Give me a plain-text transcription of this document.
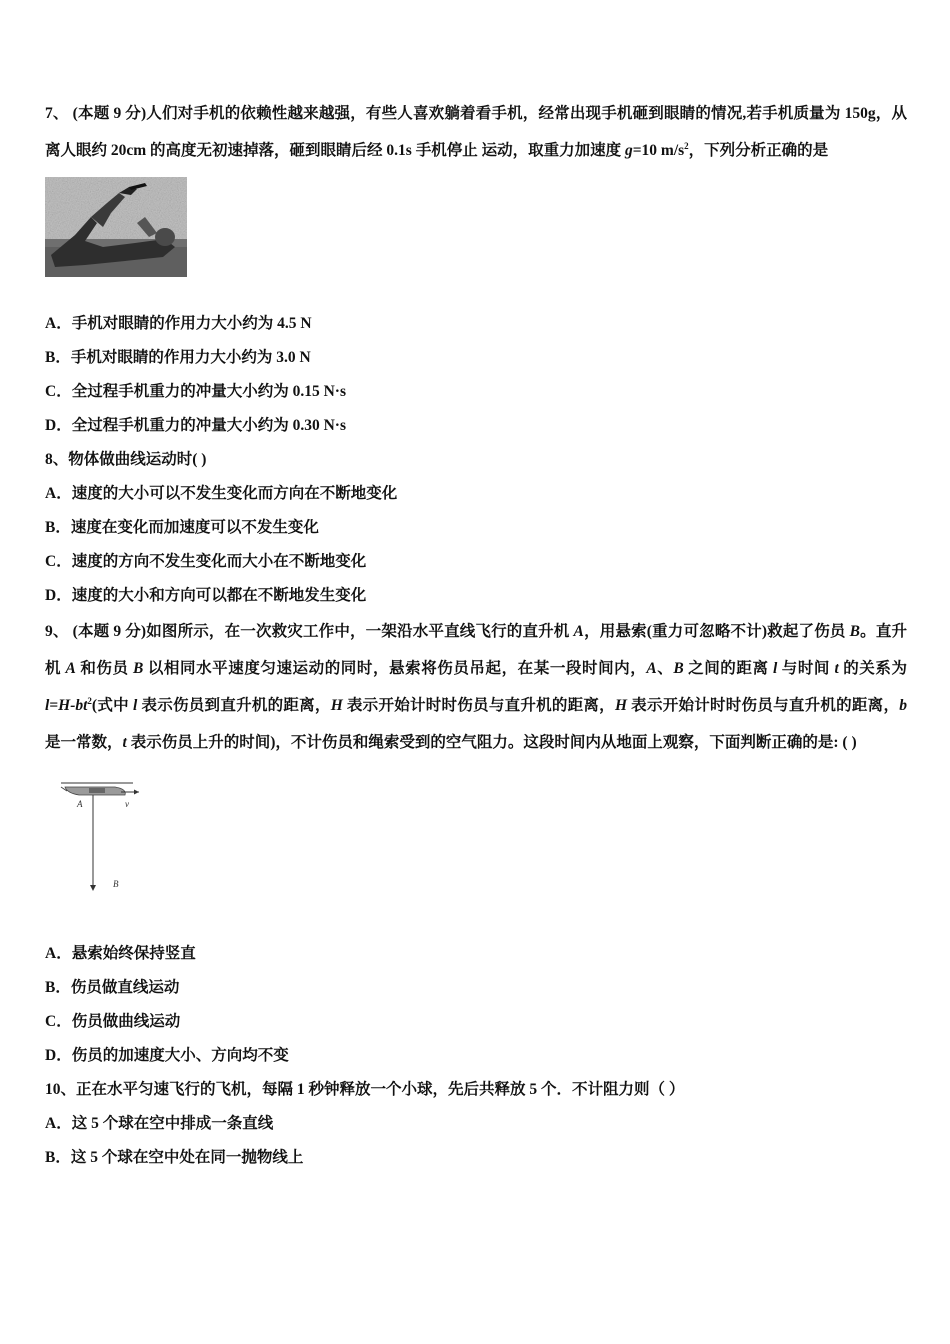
7、 (本题 9 分)人们对手机的依赖性越来越强，有些人喜欢躺着看手机，经常出现手机砸到眼睛的情况,若手机质量为 150g，从离人眼约 20cm 的高度无初速掉落，砸到眼睛后经 0.1s 手机停止 运动，取重力加速度 g=10 $m/s^2$，下列分析正确的是

A．手机对眼睛的作用力大小约为 4.5 N

B．手机对眼睛的作用力大小约为 3.0 N

C．全过程手机重力的冲量大小约为 0.15 N·s

D．全过程手机重力的冲量大小约为 0.30 N·s

8、物体做曲线运动时( )

A．速度的大小可以不发生变化而方向在不断地变化

B．速度在变化而加速度可以不发生变化

C．速度的方向不发生变化而大小在不断地变化

D．速度的大小和方向可以都在不断地发生变化

9、 (本题 9 分)如图所示，在一次救灾工作中，一架沿水平直线飞行的直升机 A，用悬索(重力可忽略不计)救起了伤员 B。直升机 A 和伤员 B 以相同水平速度匀速运动的同时，悬索将伤员吊起，在某一段时间内，A、B 之间的距离 l 与时间 t 的关系为 $l=H-bt^2$(式中 l 表示伤员到直升机的距离，H 表示开始计时时伤员与直升机的距离，H 表示开始计时时伤员与直升机的距离，b 是一常数，t 表示伤员上升的时间)，不计伤员和绳索受到的空气阻力。这段时间内从地面上观察，下面判断正确的是: ( )

A	v
B

A．悬索始终保持竖直

B．伤员做直线运动

C．伤员做曲线运动

D．伤员的加速度大小、方向均不变

10、正在水平匀速飞行的飞机，每隔 1 秒钟释放一个小球，先后共释放 5 个．不计阻力则（ ）

A．这 5 个球在空中排成一条直线

B．这 5 个球在空中处在同一抛物线上
